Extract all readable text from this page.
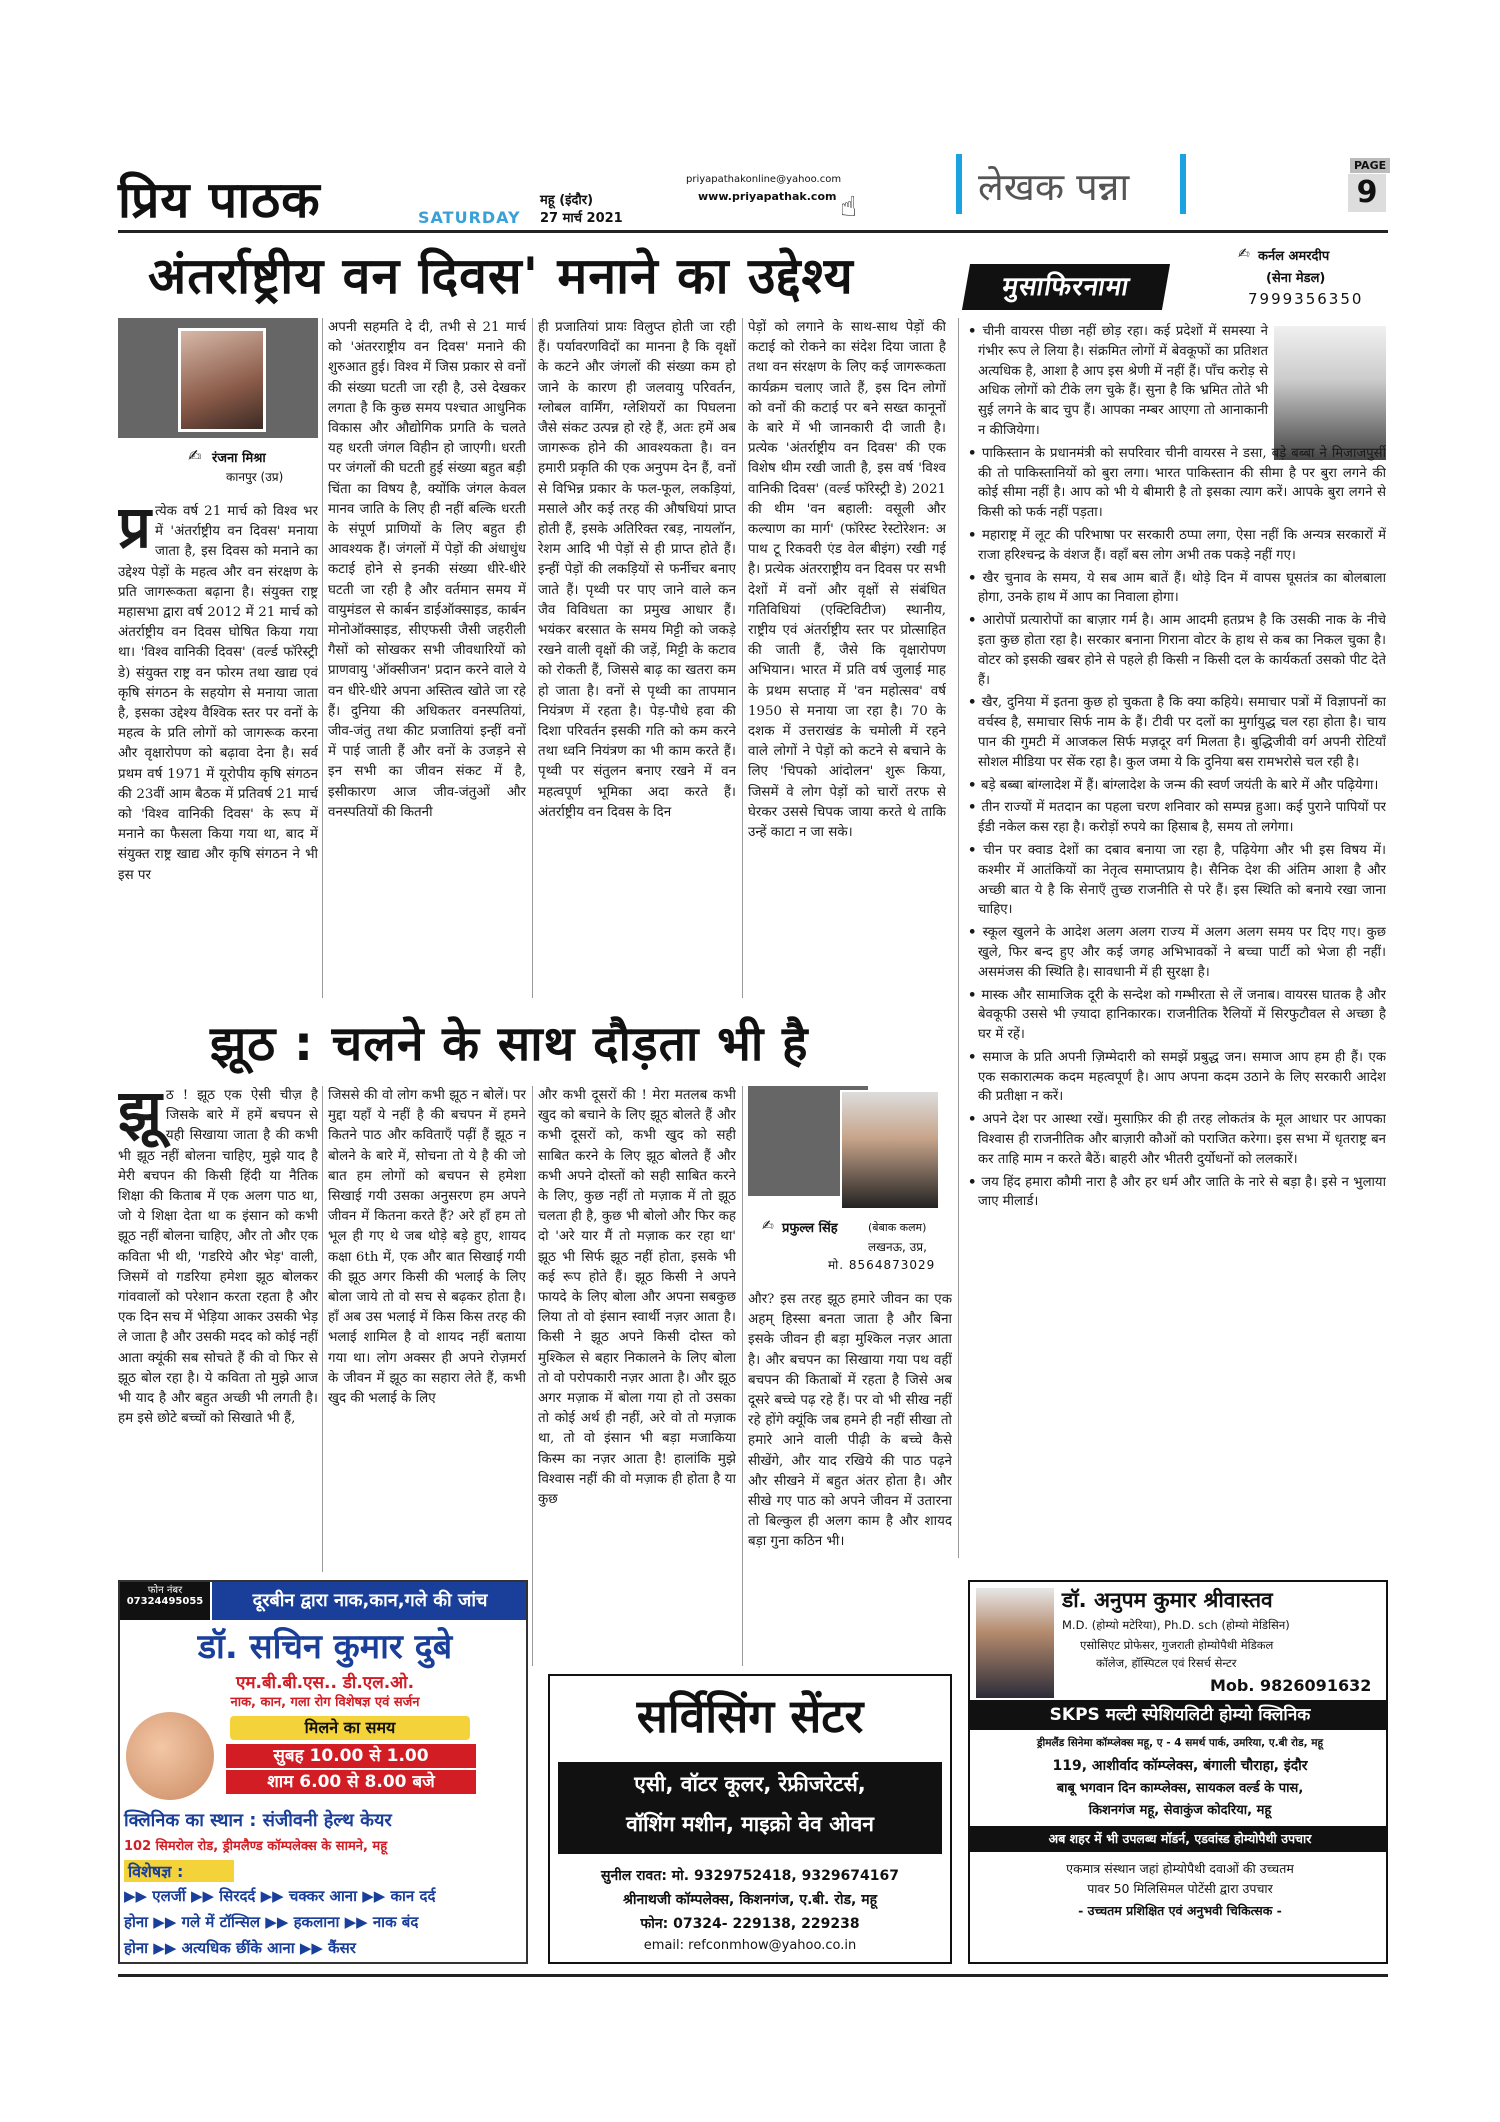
प्रिय पाठक	SATURDAY
महू (इंदौर)
27 मार्च 2021
priyapathakonline@yahoo.com
www.priyapathak.com ☝	लेखक पन्ना	PAGE
9
अंतर्राष्ट्रीय वन दिवस' मनाने का उद्देश्य
✍ रंजना मिश्रा
कानपुर (उप्र)
प्र त्येक वर्ष 21 मार्च को विश्व भर में 'अंतर्राष्ट्रीय वन दिवस' मनाया जाता है, इस दिवस को मनाने का उद्देश्य पेड़ों के महत्व और वन संरक्षण के प्रति जागरूकता बढ़ाना है। संयुक्त राष्ट्र महासभा द्वारा वर्ष 2012 में 21 मार्च को अंतर्राष्ट्रीय वन दिवस घोषित किया गया था। 'विश्व वानिकी दिवस' (वर्ल्ड फॉरेस्ट्री डे) संयुक्त राष्ट्र वन फोरम तथा खाद्य एवं कृषि संगठन के सहयोग से मनाया जाता है, इसका उद्देश्य वैश्विक स्तर पर वनों के महत्व के प्रति लोगों को जागरूक करना और वृक्षारोपण को बढ़ावा देना है। सर्व प्रथम वर्ष 1971 में यूरोपीय कृषि संगठन की 23वीं आम बैठक में प्रतिवर्ष 21 मार्च को 'विश्व वानिकी दिवस' के रूप में मनाने का फैसला किया गया था, बाद में संयुक्त राष्ट्र खाद्य और कृषि संगठन ने भी इस पर
अपनी सहमति दे दी, तभी से 21 मार्च को 'अंतरराष्ट्रीय वन दिवस' मनाने की शुरुआत हुई। विश्व में जिस प्रकार से वनों की संख्या घटती जा रही है, उसे देखकर लगता है कि कुछ समय पश्चात आधुनिक विकास और औद्योगिक प्रगति के चलते यह धरती जंगल विहीन हो जाएगी। धरती पर जंगलों की घटती हुई संख्या बहुत बड़ी चिंता का विषय है, क्योंकि जंगल केवल मानव जाति के लिए ही नहीं बल्कि धरती के संपूर्ण प्राणियों के लिए बहुत ही आवश्यक हैं। जंगलों में पेड़ों की अंधाधुंध कटाई होने से इनकी संख्या धीरे-धीरे घटती जा रही है और वर्तमान समय में वायुमंडल से कार्बन डाईऑक्साइड, कार्बन मोनोऑक्साइड, सीएफसी जैसी जहरीली गैसों को सोखकर सभी जीवधारियों को प्राणवायु 'ऑक्सीजन' प्रदान करने वाले ये वन धीरे-धीरे अपना अस्तित्व खोते जा रहे हैं। दुनिया की अधिकतर वनस्पतियां, जीव-जंतु तथा कीट प्रजातियां इन्हीं वनों में पाई जाती हैं और वनों के उजड़ने से इन सभी का जीवन संकट में है, इसीकारण आज जीव-जंतुओं और वनस्पतियों की कितनी
ही प्रजातियां प्रायः विलुप्त होती जा रही हैं। पर्यावरणविदों का मानना है कि वृक्षों के कटने और जंगलों की संख्या कम हो जाने के कारण ही जलवायु परिवर्तन, ग्लोबल वार्मिंग, ग्लेशियरों का पिघलना जैसे संकट उत्पन्न हो रहे हैं, अतः हमें अब जागरूक होने की आवश्यकता है। वन हमारी प्रकृति की एक अनुपम देन हैं, वनों से विभिन्न प्रकार के फल-फूल, लकड़ियां, मसाले और कई तरह की औषधियां प्राप्त होती हैं, इसके अतिरिक्त रबड़, नायलॉन, रेशम आदि भी पेड़ों से ही प्राप्त होते हैं। इन्हीं पेड़ों की लकड़ियों से फर्नीचर बनाए जाते हैं। पृथ्वी पर पाए जाने वाले कन जैव विविधता का प्रमुख आधार हैं। भयंकर बरसात के समय मिट्टी को जकड़े रखने वाली वृक्षों की जड़ें, मिट्टी के कटाव को रोकती हैं, जिससे बाढ़ का खतरा कम हो जाता है। वनों से पृथ्वी का तापमान नियंत्रण में रहता है। पेड़-पौधे हवा की दिशा परिवर्तन इसकी गति को कम करने तथा ध्वनि नियंत्रण का भी काम करते हैं। पृथ्वी पर संतुलन बनाए रखने में वन महत्वपूर्ण भूमिका अदा करते हैं। अंतर्राष्ट्रीय वन दिवस के दिन
पेड़ों को लगाने के साथ-साथ पेड़ों की कटाई को रोकने का संदेश दिया जाता है तथा वन संरक्षण के लिए कई जागरूकता कार्यक्रम चलाए जाते हैं, इस दिन लोगों को वनों की कटाई पर बने सख्त कानूनों के बारे में भी जानकारी दी जाती है। प्रत्येक 'अंतर्राष्ट्रीय वन दिवस' की एक विशेष थीम रखी जाती है, इस वर्ष 'विश्व वानिकी दिवस' (वर्ल्ड फॉरेस्ट्री डे) 2021 की थीम 'वन बहाली: वसूली और कल्याण का मार्ग' (फॉरेस्ट रेस्टोरेशन: अ पाथ टू रिकवरी एंड वेल बीइंग) रखी गई है। प्रत्येक अंतरराष्ट्रीय वन दिवस पर सभी देशों में वनों और वृक्षों से संबंधित गतिविधियां (एक्टिविटीज) स्थानीय, राष्ट्रीय एवं अंतर्राष्ट्रीय स्तर पर प्रोत्साहित की जाती हैं, जैसे कि वृक्षारोपण अभियान। भारत में प्रति वर्ष जुलाई माह के प्रथम सप्ताह में 'वन महोत्सव' वर्ष 1950 से मनाया जा रहा है। 70 के दशक में उत्तराखंड के चमोली में रहने वाले लोगों ने पेड़ों को कटने से बचाने के लिए 'चिपको आंदोलन' शुरू किया, जिसमें वे लोग पेड़ों को चारों तरफ से घेरकर उससे चिपक जाया करते थे ताकि उन्हें काटा न जा सके।
मुसाफिरनामा
✍ कर्नल अमरदीप
(सेना मेडल)
7999356350

• चीनी वायरस पीछा नहीं छोड़ रहा। कई प्रदेशों में समस्या ने गंभीर रूप ले लिया है। संक्रमित लोगों में बेवकूफों का प्रतिशत अत्यधिक है, आशा है आप इस श्रेणी में नहीं हैं। पाँच करोड़ से अधिक लोगों को टीके लग चुके हैं। सुना है कि भ्रमित तोते भी सुई लगने के बाद चुप हैं। आपका नम्बर आएगा तो आनाकानी न कीजियेगा।

• पाकिस्तान के प्रधानमंत्री को सपरिवार चीनी वायरस ने डसा, बड़े बब्बा ने मिजाजपुर्सी की तो पाकिस्तानियों को बुरा लगा। भारत पाकिस्तान की सीमा है पर बुरा लगने की कोई सीमा नहीं है। आप को भी ये बीमारी है तो इसका त्याग करें। आपके बुरा लगने से किसी को फर्क नहीं पड़ता।

• महाराष्ट्र में लूट की परिभाषा पर सरकारी ठप्पा लगा, ऐसा नहीं कि अन्यत्र सरकारों में राजा हरिश्चन्द्र के वंशज हैं। वहाँ बस लोग अभी तक पकड़े नहीं गए।

• खैर चुनाव के समय, ये सब आम बातें हैं। थोड़े दिन में वापस घूसतंत्र का बोलबाला होगा, उनके हाथ में आप का निवाला होगा।

• आरोपों प्रत्यारोपों का बाज़ार गर्म है। आम आदमी हतप्रभ है कि उसकी नाक के नीचे इता कुछ होता रहा है। सरकार बनाना गिराना वोटर के हाथ से कब का निकल चुका है। वोटर को इसकी खबर होने से पहले ही किसी न किसी दल के कार्यकर्ता उसको पीट देते हैं।

• खैर, दुनिया में इतना कुछ हो चुकता है कि क्या कहिये। समाचार पत्रों में विज्ञापनों का वर्चस्व है, समाचार सिर्फ नाम के हैं। टीवी पर दलों का मुर्गायुद्ध चल रहा होता है। चाय पान की गुमटी में आजकल सिर्फ मज़दूर वर्ग मिलता है। बुद्धिजीवी वर्ग अपनी रोटियाँ सोशल मीडिया पर सेंक रहा है। कुल जमा ये कि दुनिया बस रामभरोसे चल रही है।

• बड़े बब्बा बांग्लादेश में हैं। बांग्लादेश के जन्म की स्वर्ण जयंती के बारे में और पढ़ियेगा।

• तीन राज्यों में मतदान का पहला चरण शनिवार को सम्पन्न हुआ। कई पुराने पापियों पर ईडी नकेल कस रहा है। करोड़ों रुपये का हिसाब है, समय तो लगेगा।

• चीन पर क्वाड देशों का दबाव बनाया जा रहा है, पढ़ियेगा और भी इस विषय में। कश्मीर में आतंकियों का नेतृत्व समाप्तप्राय है। सैनिक देश की अंतिम आशा है और अच्छी बात ये है कि सेनाएँ तुच्छ राजनीति से परे हैं। इस स्थिति को बनाये रखा जाना चाहिए।

• स्कूल खुलने के आदेश अलग अलग राज्य में अलग अलग समय पर दिए गए। कुछ खुले, फिर बन्द हुए और कई जगह अभिभावकों ने बच्चा पार्टी को भेजा ही नहीं। असमंजस की स्थिति है। सावधानी में ही सुरक्षा है।

• मास्क और सामाजिक दूरी के सन्देश को गम्भीरता से लें जनाब। वायरस घातक है और बेवकूफी उससे भी ज़्यादा हानिकारक। राजनीतिक रैलियों में सिरफुटौवल से अच्छा है घर में रहें।

• समाज के प्रति अपनी ज़िम्मेदारी को समझें प्रबुद्ध जन। समाज आप हम ही हैं। एक एक सकारात्मक कदम महत्वपूर्ण है। आप अपना कदम उठाने के लिए सरकारी आदेश की प्रतीक्षा न करें।

• अपने देश पर आस्था रखें। मुसाफ़िर की ही तरह लोकतंत्र के मूल आधार पर आपका विश्वास ही राजनीतिक और बाज़ारी कौओं को पराजित करेगा। इस सभा में धृतराष्ट्र बन कर ताहि माम न करते बैठें। बाहरी और भीतरी दुर्योधनों को ललकारें।

• जय हिंद हमारा कौमी नारा है और हर धर्म और जाति के नारे से बड़ा है। इसे न भुलाया जाए मीलार्ड।

झूठ : चलने के साथ दौड़ता भी है
झू ठ ! झूठ एक ऐसी चीज़ है जिसके बारे में हमें बचपन से यही सिखाया जाता है की कभी भी झूठ नहीं बोलना चाहिए, मुझे याद है मेरी बचपन की किसी हिंदी या नैतिक शिक्षा की किताब में एक अलग पाठ था, जो ये शिक्षा देता था क इंसान को कभी झूठ नहीं बोलना चाहिए, और तो और एक कविता भी थी, 'गडरिये और भेड़' वाली, जिसमें वो गडरिया हमेशा झूठ बोलकर गांववालों को परेशान करता रहता है और एक दिन सच में भेड़िया आकर उसकी भेड़ ले जाता है और उसकी मदद को कोई नहीं आता क्यूंकी सब सोचते हैं की वो फिर से झूठ बोल रहा है। ये कविता तो मुझे आज भी याद है और बहुत अच्छी भी लगती है। हम इसे छोटे बच्चों को सिखाते भी हैं,
जिससे की वो लोग कभी झूठ न बोलें। पर मुद्दा यहाँ ये नहीं है की बचपन में हमने कितने पाठ और कविताएँ पढ़ीं हैं झूठ न बोलने के बारे में, सोचना तो ये है की जो बात हम लोगों को बचपन से हमेशा सिखाई गयी उसका अनुसरण हम अपने जीवन में कितना करते हैं? अरे हाँ हम तो भूल ही गए थे जब थोड़े बड़े हुए, शायद कक्षा 6th में, एक और बात सिखाई गयी की झूठ अगर किसी की भलाई के लिए बोला जाये तो वो सच से बढ़कर होता है। हाँ अब उस भलाई में किस किस तरह की भलाई शामिल है वो शायद नहीं बताया गया था। लोग अक्सर ही अपने रोज़मर्रा के जीवन में झूठ का सहारा लेते हैं, कभी खुद की भलाई के लिए
और कभी दूसरों की ! मेरा मतलब कभी खुद को बचाने के लिए झूठ बोलते हैं और कभी दूसरों को, कभी खुद को सही साबित करने के लिए झूठ बोलते हैं और कभी अपने दोस्तों को सही साबित करने के लिए, कुछ नहीं तो मज़ाक में तो झूठ चलता ही है, कुछ भी बोलो और फिर कह दो 'अरे यार मैं तो मज़ाक कर रहा था' झूठ भी सिर्फ झूठ नहीं होता, इसके भी कई रूप होते हैं। झूठ किसी ने अपने फायदे के लिए बोला और अपना सबकुछ लिया तो वो इंसान स्वार्थी नज़र आता है। किसी ने झूठ अपने किसी दोस्त को मुश्किल से बहार निकालने के लिए बोला तो वो परोपकारी नज़र आता है। और झूठ अगर मज़ाक में बोला गया हो तो उसका तो कोई अर्थ ही नहीं, अरे वो तो मज़ाक था, तो वो इंसान भी बड़ा मजाकिया किस्म का नज़र आता है! हालांकि मुझे विश्वास नहीं की वो मज़ाक ही होता है या कुछ
✍ प्रफुल्ल सिंह	(बेबाक कलम)
लखनऊ, उप्र,
मो. 8564873029
और? इस तरह झूठ हमारे जीवन का एक अहम् हिस्सा बनता जाता है और बिना इसके जीवन ही बड़ा मुश्किल नज़र आता है। और बचपन का सिखाया गया पथ वहीं बचपन की किताबों में रहता है जिसे अब दूसरे बच्चे पढ़ रहे हैं। पर वो भी सीख नहीं रहे होंगे क्यूंकि जब हमने ही नहीं सीखा तो हमारे आने वाली पीढ़ी के बच्चे कैसे सीखेंगे, और याद रखिये की पाठ पढ़ने और सीखने में बहुत अंतर होता है। और सीखे गए पाठ को अपने जीवन में उतारना तो बिल्कुल ही अलग काम है और शायद बड़ा गुना कठिन भी।
फोन नंबर
07324495055	दूरबीन द्वारा नाक,कान,गले की जांच
डॉ. सचिन कुमार दुबे
एम.बी.बी.एस.. डी.एल.ओ.
नाक, कान, गला रोग विशेषज्ञ एवं सर्जन
मिलने का समय
सुबह 10.00 से 1.00
शाम 6.00 से 8.00 बजे
क्लिनिक का स्थान : संजीवनी हेल्थ केयर
102 सिमरोल रोड, ड्रीमलैण्ड कॉम्पलेक्स के सामने, महू
विशेषज्ञ :
▶▶ एलर्जी ▶▶ सिरदर्द ▶▶ चक्कर आना ▶▶ कान दर्द
होना ▶▶ गले में टॉन्सिल ▶▶ हकलाना ▶▶ नाक बंद
होना ▶▶ अत्यधिक छींके आना ▶▶ कैंसर
सर्विसिंग सेंटर
एसी, वॉटर कूलर, रेफ्रीजरेटर्स,
वॉशिंग मशीन, माइक्रो वेव ओवन
सुनील रावत: मो. 9329752418, 9329674167
श्रीनाथजी कॉम्पलेक्स, किशनगंज, ए.बी. रोड, महू
फोन: 07324- 229138, 229238
email: refconmhow@yahoo.co.in
डॉ. अनुपम कुमार श्रीवास्तव
M.D. (होम्यो मटेरिया), Ph.D. sch (होम्यो मेडिसिन)
एसोसिएट प्रोफेसर, गुजराती होम्योपैथी मेडिकल
कॉलेज, हॉस्पिटल एवं रिसर्च सेन्टर
Mob. 9826091632
SKPS मल्टी स्पेशियलिटी होम्यो क्लिनिक
ड्रीमलैंड सिनेमा कॉम्प्लेक्स महू, ए - 4 समर्थ पार्क, उमरिया, ए.बी रोड, महू
119, आशीर्वाद कॉम्प्लेक्स, बंगाली चौराहा, इंदौर
बाबू भगवान दिन काम्प्लेक्स, सायकल वर्ल्ड के पास,
किशनगंज महू, सेवाकुंज कोदरिया, महू
अब शहर में भी उपलब्ध मॉडर्न, एडवांस्ड होम्योपैथी उपचार
एकमात्र संस्थान जहां होम्योपैथी दवाओं की उच्चतम
पावर 50 मिलिसिमल पोटेंसी द्वारा उपचार
- उच्चतम प्रशिक्षित एवं अनुभवी चिकित्सक -
